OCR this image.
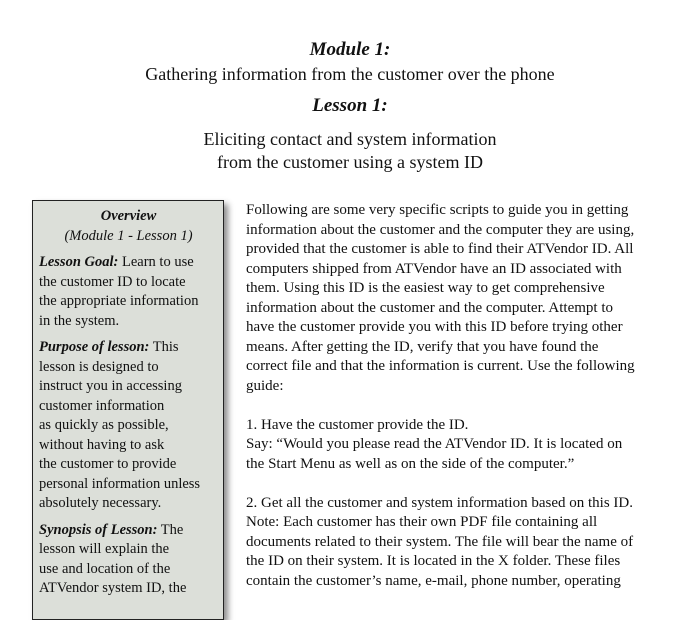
Module 1:
Gathering information from the customer over the phone
Lesson 1:
Eliciting contact and system information
from the customer using a system ID
Overview
(Module 1 - Lesson 1)
Lesson Goal: Learn to use
the customer ID to locate
the appropriate information
in the system.
Purpose of lesson: This
lesson is designed to
instruct you in accessing
customer information
as quickly as possible,
without having to ask
the customer to provide
personal information unless
absolutely necessary.
Synopsis of Lesson: The
lesson will explain the
use and location of the
ATVendor system ID, the
Following are some very specific scripts to guide you in getting
information about the customer and the computer they are using,
provided that the customer is able to find their ATVendor ID. All
computers shipped from ATVendor have an ID associated with
them. Using this ID is the easiest way to get comprehensive
information about the customer and the computer. Attempt to
have the customer provide you with this ID before trying other
means. After getting the ID, verify that you have found the
correct file and that the information is current. Use the following
guide:
1. Have the customer provide the ID.
Say: “Would you please read the ATVendor ID. It is located on
the Start Menu as well as on the side of the computer.”
2. Get all the customer and system information based on this ID.
Note: Each customer has their own PDF file containing all
documents related to their system. The file will bear the name of
the ID on their system. It is located in the X folder. These files
contain the customer’s name, e-mail, phone number, operating
